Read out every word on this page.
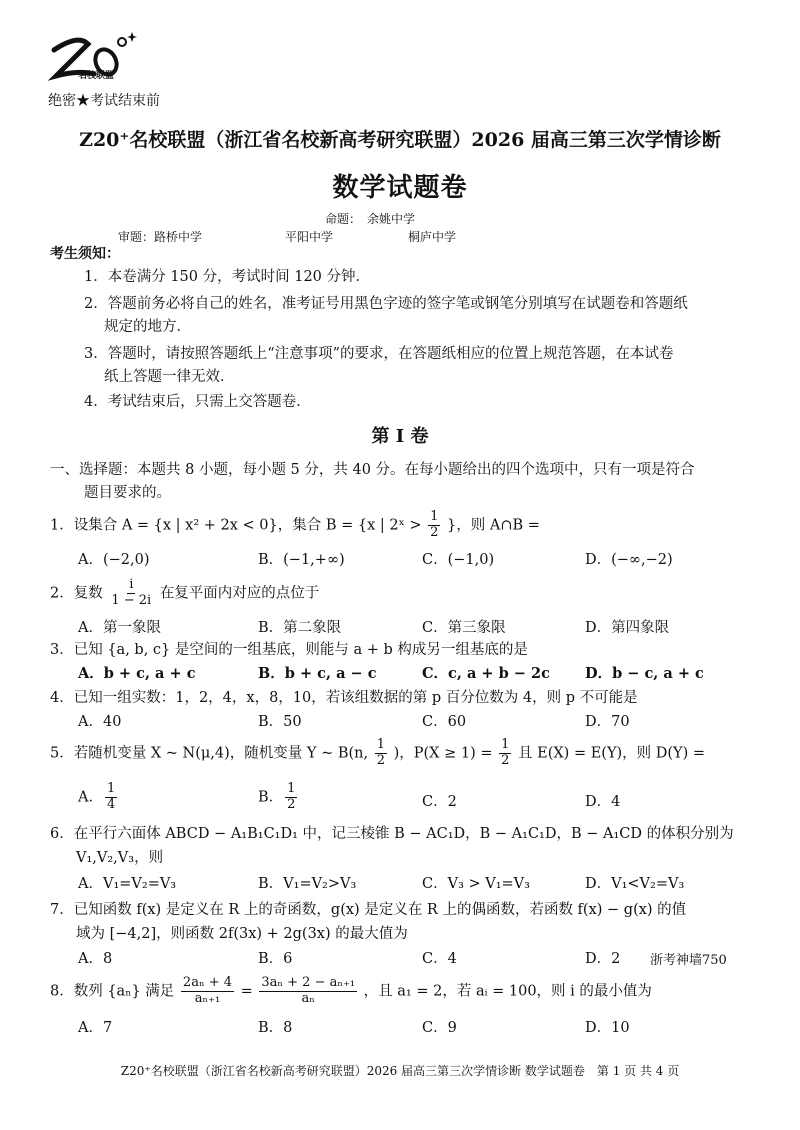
名校联盟
绝密★考试结束前
Z20⁺名校联盟（浙江省名校新高考研究联盟）2026 届高三第三次学情诊断
数学试题卷
命题：　余姚中学
审题：路桥中学	平阳中学	桐庐中学
考生须知：
1．本卷满分 150 分，考试时间 120 分钟．
2．答题前务必将自己的姓名，准考证号用黑色字迹的签字笔或钢笔分别填写在试题卷和答题纸
规定的地方．
3．答题时，请按照答题纸上“注意事项”的要求，在答题纸相应的位置上规范答题，在本试卷
纸上答题一律无效．
4．考试结束后，只需上交答题卷．
第 I 卷
一、选择题：本题共 8 小题，每小题 5 分，共 40 分。在每小题给出的四个选项中，只有一项是符合
题目要求的。
1．设集合 A = {x | x² + 2x < 0}，集合 B = {x | 2ˣ > $\frac{1}{2}$ }，则 A∩B =
A．(−2,0)	B．(−1,+∞)	C．(−1,0)	D．(−∞,−2)
2．复数 $\frac{i}{1 - 2i}$ 在复平面内对应的点位于
A．第一象限	B．第二象限	C．第三象限	D．第四象限
3．已知 {a, b, c} 是空间的一组基底，则能与 a + b 构成另一组基底的是
A．b + c, a + c	B．b + c, a − c	C．c, a + b − 2c D．b − c, a + c
4．已知一组实数：1，2，4，x，8，10，若该组数据的第 p 百分位数为 4，则 p 不可能是
A．40	B．50	C．60	D．70
5．若随机变量 X ~ N(μ,4)，随机变量 Y ~ B(n, $\frac{1}{2}$ )，$P(X \ge 1) = \frac{1}{2}$ 且 E(X) = E(Y)，则 D(Y) =
A． $\frac{1}{4}$	B． $\frac{1}{2}$	C．2	D．4
6．在平行六面体 ABCD − A₁B₁C₁D₁ 中，记三棱锥 B − AC₁D，B − A₁C₁D，B − A₁CD 的体积分别为
V₁,V₂,V₃，则
A．V₁=V₂=V₃	B．V₁=V₂>V₃	C．V₃ > V₁=V₃	D．V₁<V₂=V₃
7．已知函数 f(x) 是定义在 R 上的奇函数，g(x) 是定义在 R 上的偶函数，若函数 f(x) − g(x) 的值
域为 [−4,2]，则函数 2f(3x) + 2g(3x) 的最大值为
A．8	B．6	C．4	D．2 浙考神墙750
8．数列 {aₙ} 满足 $\frac{\text{2aₙ + 4}}{\text{aₙ₊₁}} = \frac{\text{3aₙ + 2 − aₙ₊₁}}{\text{aₙ}}$ ，且 a₁ = 2，若 aᵢ = 100，则 i 的最小值为
A．7	B．8	C．9	D．10
Z20⁺名校联盟（浙江省名校新高考研究联盟）2026 届高三第三次学情诊断 数学试题卷　第 1 页 共 4 页
